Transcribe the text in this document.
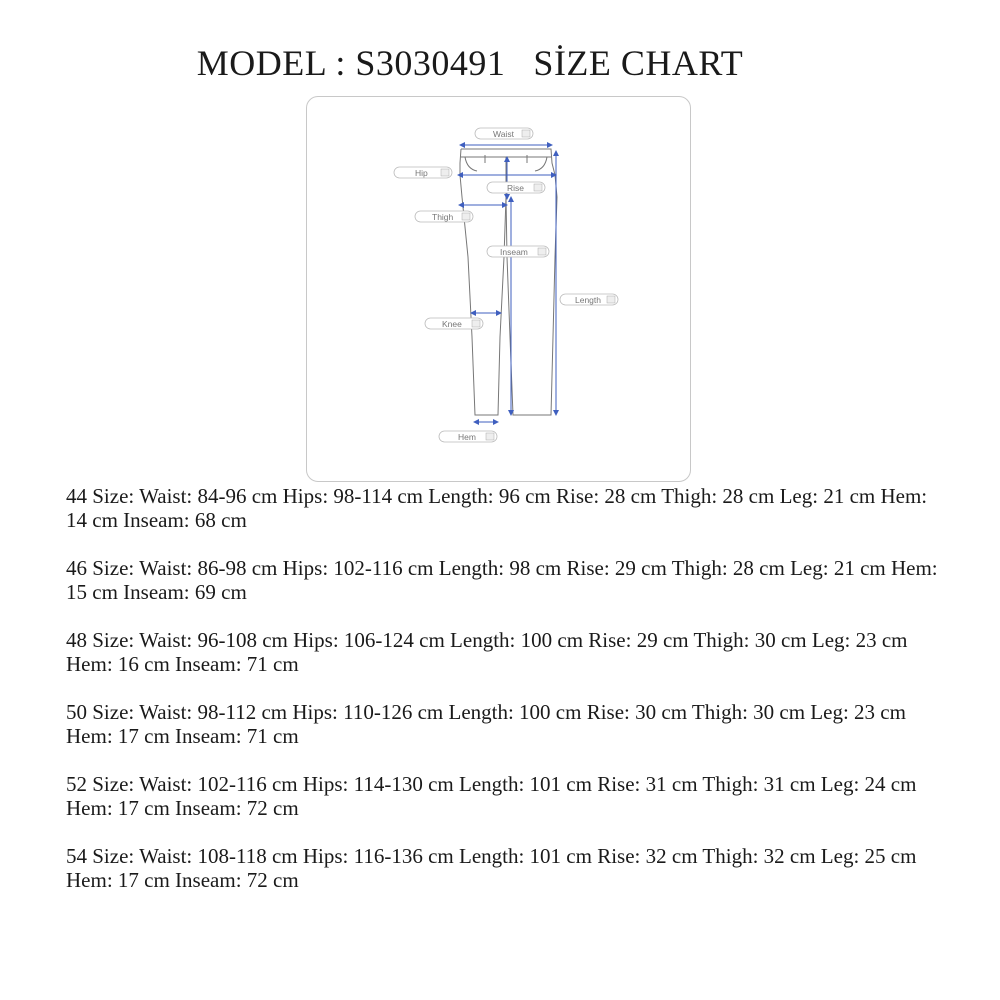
MODEL : S3030491 SİZE CHART
Waist
Hip
Rise
Thigh
Inseam
Length
Knee
Hem

44 Size: Waist: 84-96 cm Hips: 98-114 cm Length: 96 cm Rise: 28 cm Thigh: 28 cm Leg: 21 cm Hem: 14 cm Inseam: 68 cm

46 Size: Waist: 86-98 cm Hips: 102-116 cm Length: 98 cm Rise: 29 cm Thigh: 28 cm Leg: 21 cm Hem: 15 cm Inseam: 69 cm

48 Size: Waist: 96-108 cm Hips: 106-124 cm Length: 100 cm Rise: 29 cm Thigh: 30 cm Leg: 23 cm Hem: 16 cm Inseam: 71 cm

50 Size: Waist: 98-112 cm Hips: 110-126 cm Length: 100 cm Rise: 30 cm Thigh: 30 cm Leg: 23 cm Hem: 17 cm Inseam: 71 cm

52 Size: Waist: 102-116 cm Hips: 114-130 cm Length: 101 cm Rise: 31 cm Thigh: 31 cm Leg: 24 cm Hem: 17 cm Inseam: 72 cm

54 Size: Waist: 108-118 cm Hips: 116-136 cm Length: 101 cm Rise: 32 cm Thigh: 32 cm Leg: 25 cm Hem: 17 cm Inseam: 72 cm
